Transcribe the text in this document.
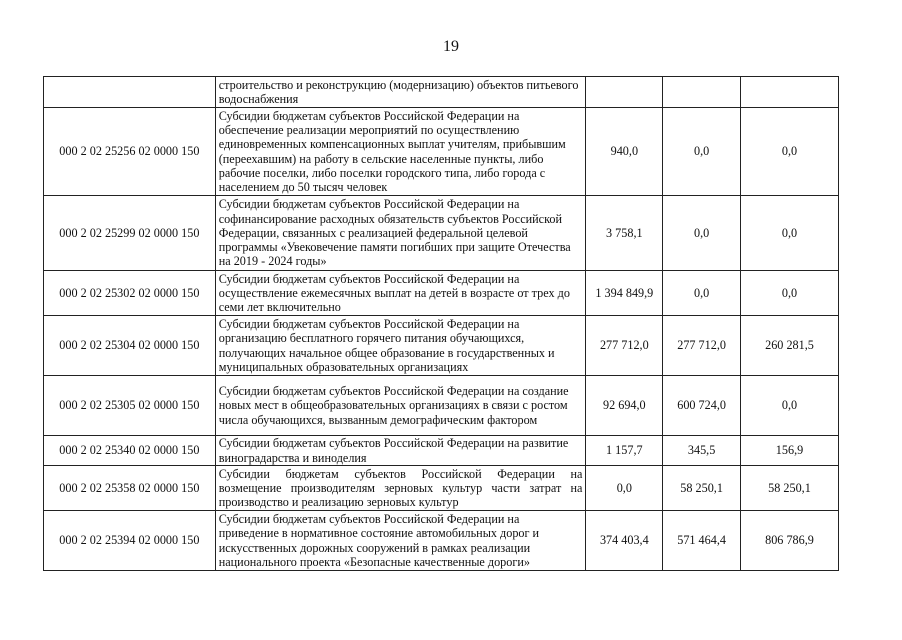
19
	строительство и реконструкцию (модернизацию) объектов питьевого водоснабжения			
000 2 02 25256 02 0000 150	Субсидии бюджетам субъектов Российской Федерации на обеспечение реализации мероприятий по осуществлению единовременных компенсационных выплат учителям, прибывшим (переехавшим) на работу в сельские населенные пункты, либо рабочие поселки, либо поселки городского типа, либо города с населением до 50 тысяч человек	940,0	0,0	0,0
000 2 02 25299 02 0000 150	Субсидии бюджетам субъектов Российской Федерации на софинансирование расходных обязательств субъектов Российской Федерации, связанных с реализацией федеральной целевой программы «Увековечение памяти погибших при защите Отечества на 2019 - 2024 годы»	3 758,1	0,0	0,0
000 2 02 25302 02 0000 150	Субсидии бюджетам субъектов Российской Федерации на осуществление ежемесячных выплат на детей в возрасте от трех до семи лет включительно	1 394 849,9	0,0	0,0
000 2 02 25304 02 0000 150	Субсидии бюджетам субъектов Российской Федерации на организацию бесплатного горячего питания обучающихся, получающих начальное общее образование в государственных и муниципальных образовательных организациях	277 712,0	277 712,0	260 281,5
000 2 02 25305 02 0000 150	Субсидии бюджетам субъектов Российской Федерации на создание новых мест в общеобразовательных организациях в связи с ростом числа обучающихся, вызванным демографическим фактором	92 694,0	600 724,0	0,0
000 2 02 25340 02 0000 150	Субсидии бюджетам субъектов Российской Федерации на развитие виноградарства и виноделия	1 157,7	345,5	156,9
000 2 02 25358 02 0000 150	Субсидии бюджетам субъектов Российской Федерации на возмещение производителям зерновых культур части затрат на производство и реализацию зерновых культур	0,0	58 250,1	58 250,1
000 2 02 25394 02 0000 150	Субсидии бюджетам субъектов Российской Федерации на приведение в нормативное состояние автомобильных дорог и искусственных дорожных сооружений в рамках реализации национального проекта «Безопасные качественные дороги»	374 403,4	571 464,4	806 786,9
